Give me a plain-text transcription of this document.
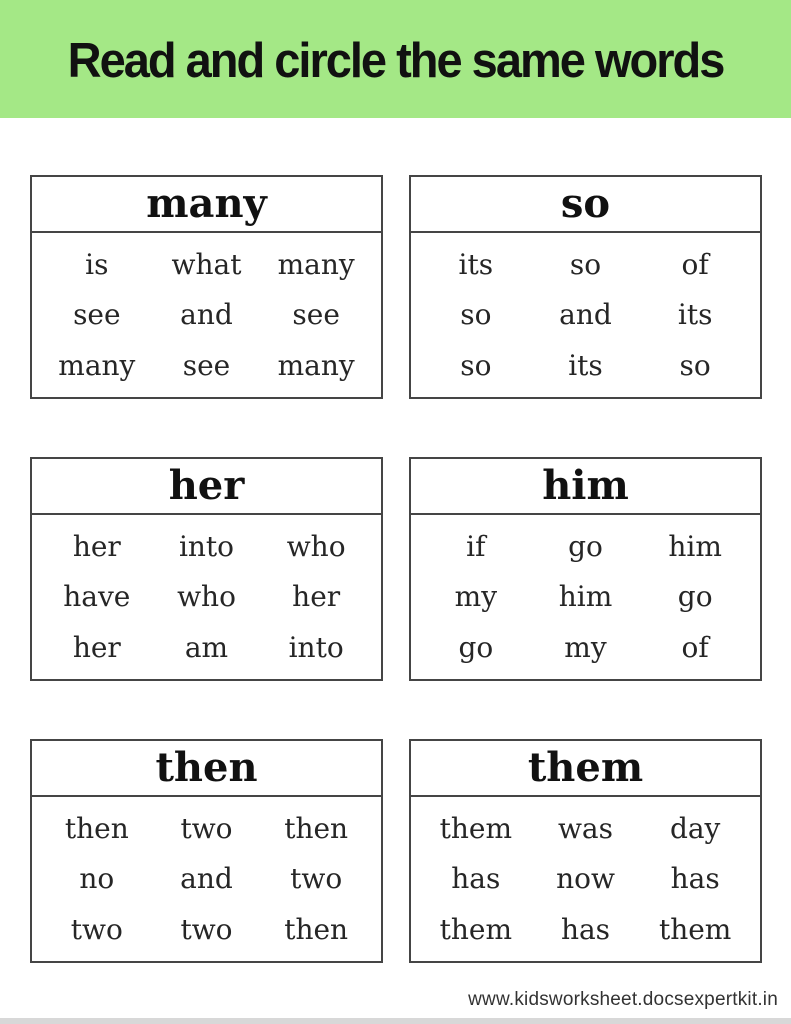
Read and circle the same words
many
is what many
see and see
many see many
so
its	so	of
so and its
so	its	so
her
her into who
have who her
her am into
him
if	go him
my him go
go	my	of
then
then two then
no and two
two two then
them
them was day
has now has
them has them
www.kidsworksheet.docsexpertkit.in
